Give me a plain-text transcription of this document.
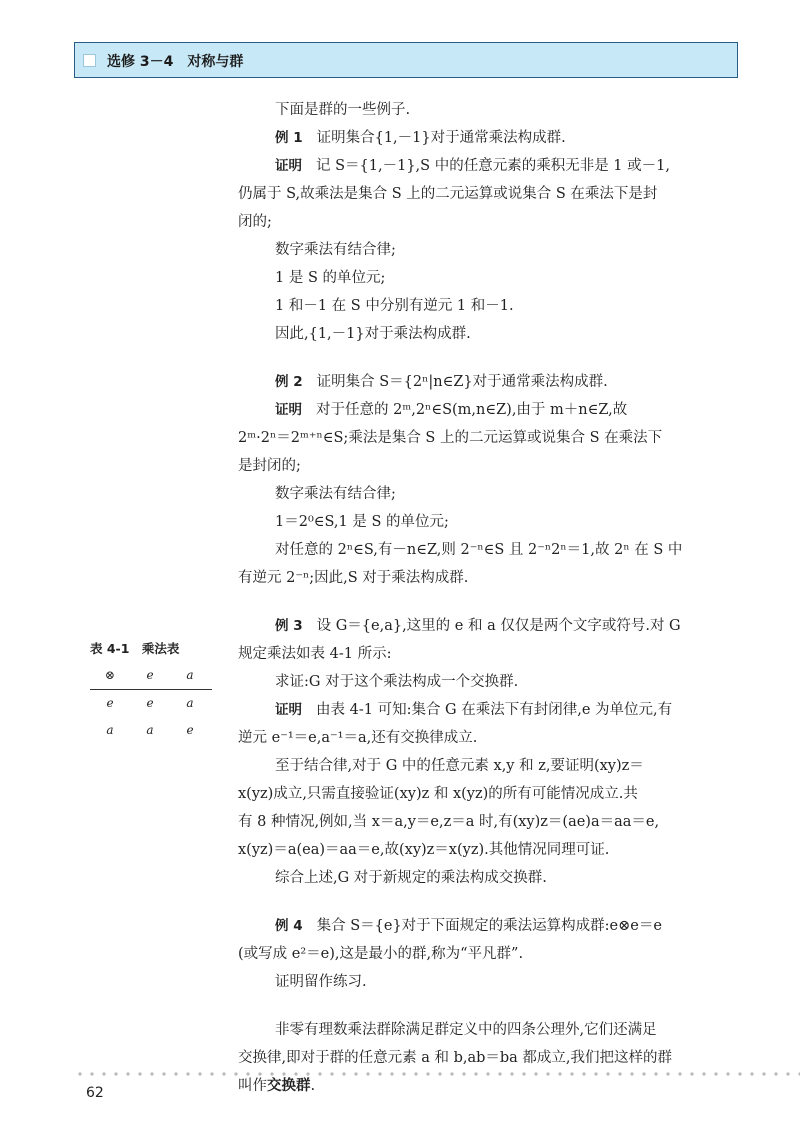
选修 3－4　对称与群
下面是群的一些例子.
例 1 证明集合{1,－1}对于通常乘法构成群.
证明 记 S＝{1,－1},S 中的任意元素的乘积无非是 1 或－1,
仍属于 S,故乘法是集合 S 上的二元运算或说集合 S 在乘法下是封
闭的;
数字乘法有结合律;
1 是 S 的单位元;
1 和－1 在 S 中分别有逆元 1 和－1.
因此,{1,－1}对于乘法构成群.
例 2 证明集合 S＝{2ⁿ|n∈Z}对于通常乘法构成群.
证明 对于任意的 2ᵐ,2ⁿ∈S(m,n∈Z),由于 m＋n∈Z,故
2ᵐ·2ⁿ＝2ᵐ⁺ⁿ∈S;乘法是集合 S 上的二元运算或说集合 S 在乘法下
是封闭的;
数字乘法有结合律;
1＝2⁰∈S,1 是 S 的单位元;
对任意的 2ⁿ∈S,有－n∈Z,则 2⁻ⁿ∈S 且 2⁻ⁿ2ⁿ＝1,故 2ⁿ 在 S 中
有逆元 2⁻ⁿ;因此,S 对于乘法构成群.
例 3 设 G＝{e,a},这里的 e 和 a 仅仅是两个文字或符号.对 G
规定乘法如表 4-1 所示:
求证:G 对于这个乘法构成一个交换群.
证明 由表 4-1 可知:集合 G 在乘法下有封闭律,e 为单位元,有
逆元 e⁻¹＝e,a⁻¹＝a,还有交换律成立.
至于结合律,对于 G 中的任意元素 x,y 和 z,要证明(xy)z＝
x(yz)成立,只需直接验证(xy)z 和 x(yz)的所有可能情况成立.共
有 8 种情况,例如,当 x＝a,y＝e,z＝a 时,有(xy)z＝(ae)a＝aa＝e,
x(yz)＝a(ea)＝aa＝e,故(xy)z＝x(yz).其他情况同理可证.
综合上述,G 对于新规定的乘法构成交换群.
例 4 集合 S＝{e}对于下面规定的乘法运算构成群:e⊗e＝e
(或写成 e²＝e),这是最小的群,称为“平凡群”.
证明留作练习.
非零有理数乘法群除满足群定义中的四条公理外,它们还满足
交换律,即对于群的任意元素 a 和 b,ab＝ba 都成立,我们把这样的群
叫作交换群.
表 4-1　乘法表
⊗	e	a
e	e	a
a	a	e
62
